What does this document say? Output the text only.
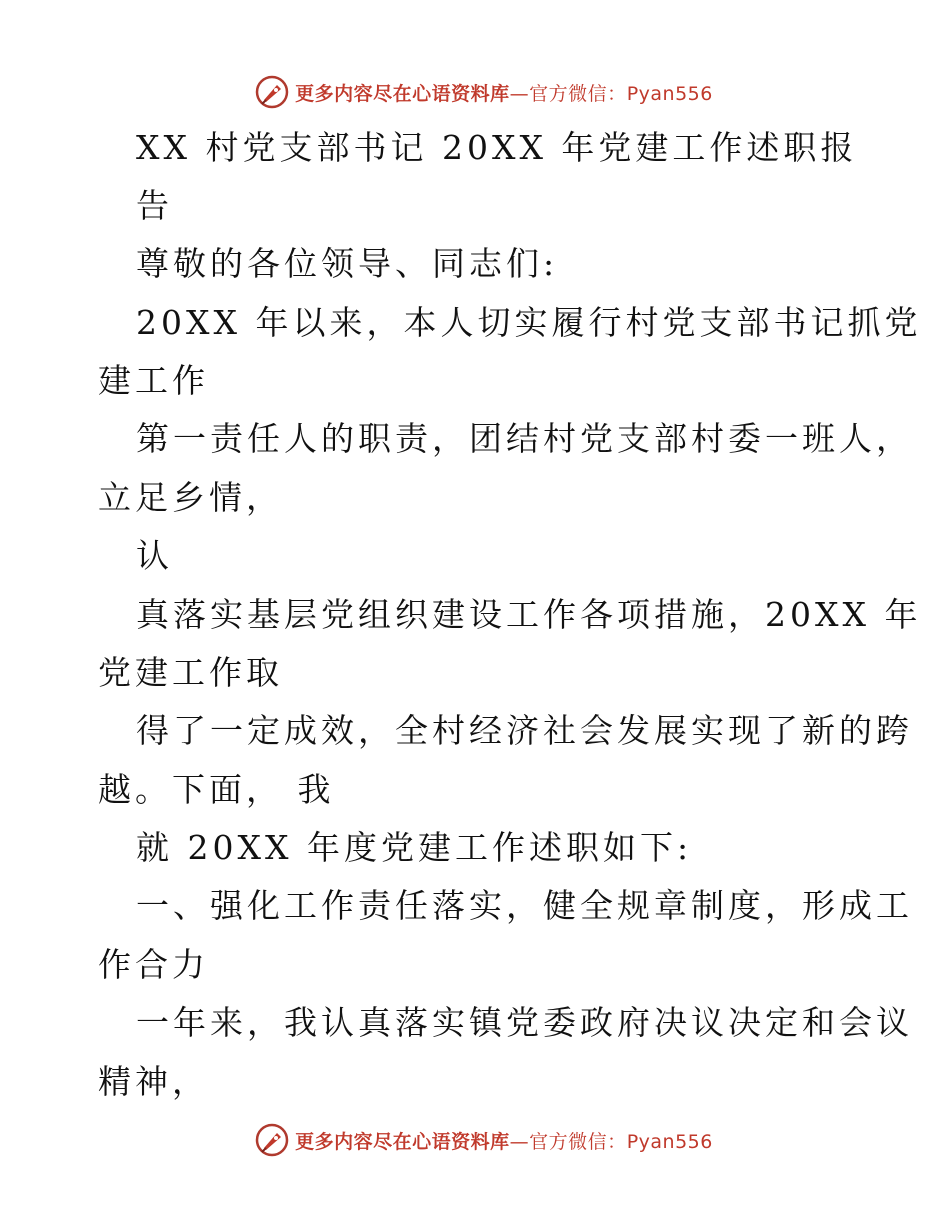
更多内容尽在心语资料库—官方微信：Pyan556
XX 村党支部书记 20XX 年党建工作述职报
告
尊敬的各位领导、同志们:
20XX 年以来，本人切实履行村党支部书记抓党
建工作
第一责任人的职责，团结村党支部村委一班人，
立足乡情，
认
真落实基层党组织建设工作各项措施，20XX 年
党建工作取
得了一定成效，全村经济社会发展实现了新的跨
越。下面， 我
就 20XX 年度党建工作述职如下:
一、强化工作责任落实，健全规章制度，形成工
作合力
一年来，我认真落实镇党委政府决议决定和会议
精神，
更多内容尽在心语资料库—官方微信：Pyan556
